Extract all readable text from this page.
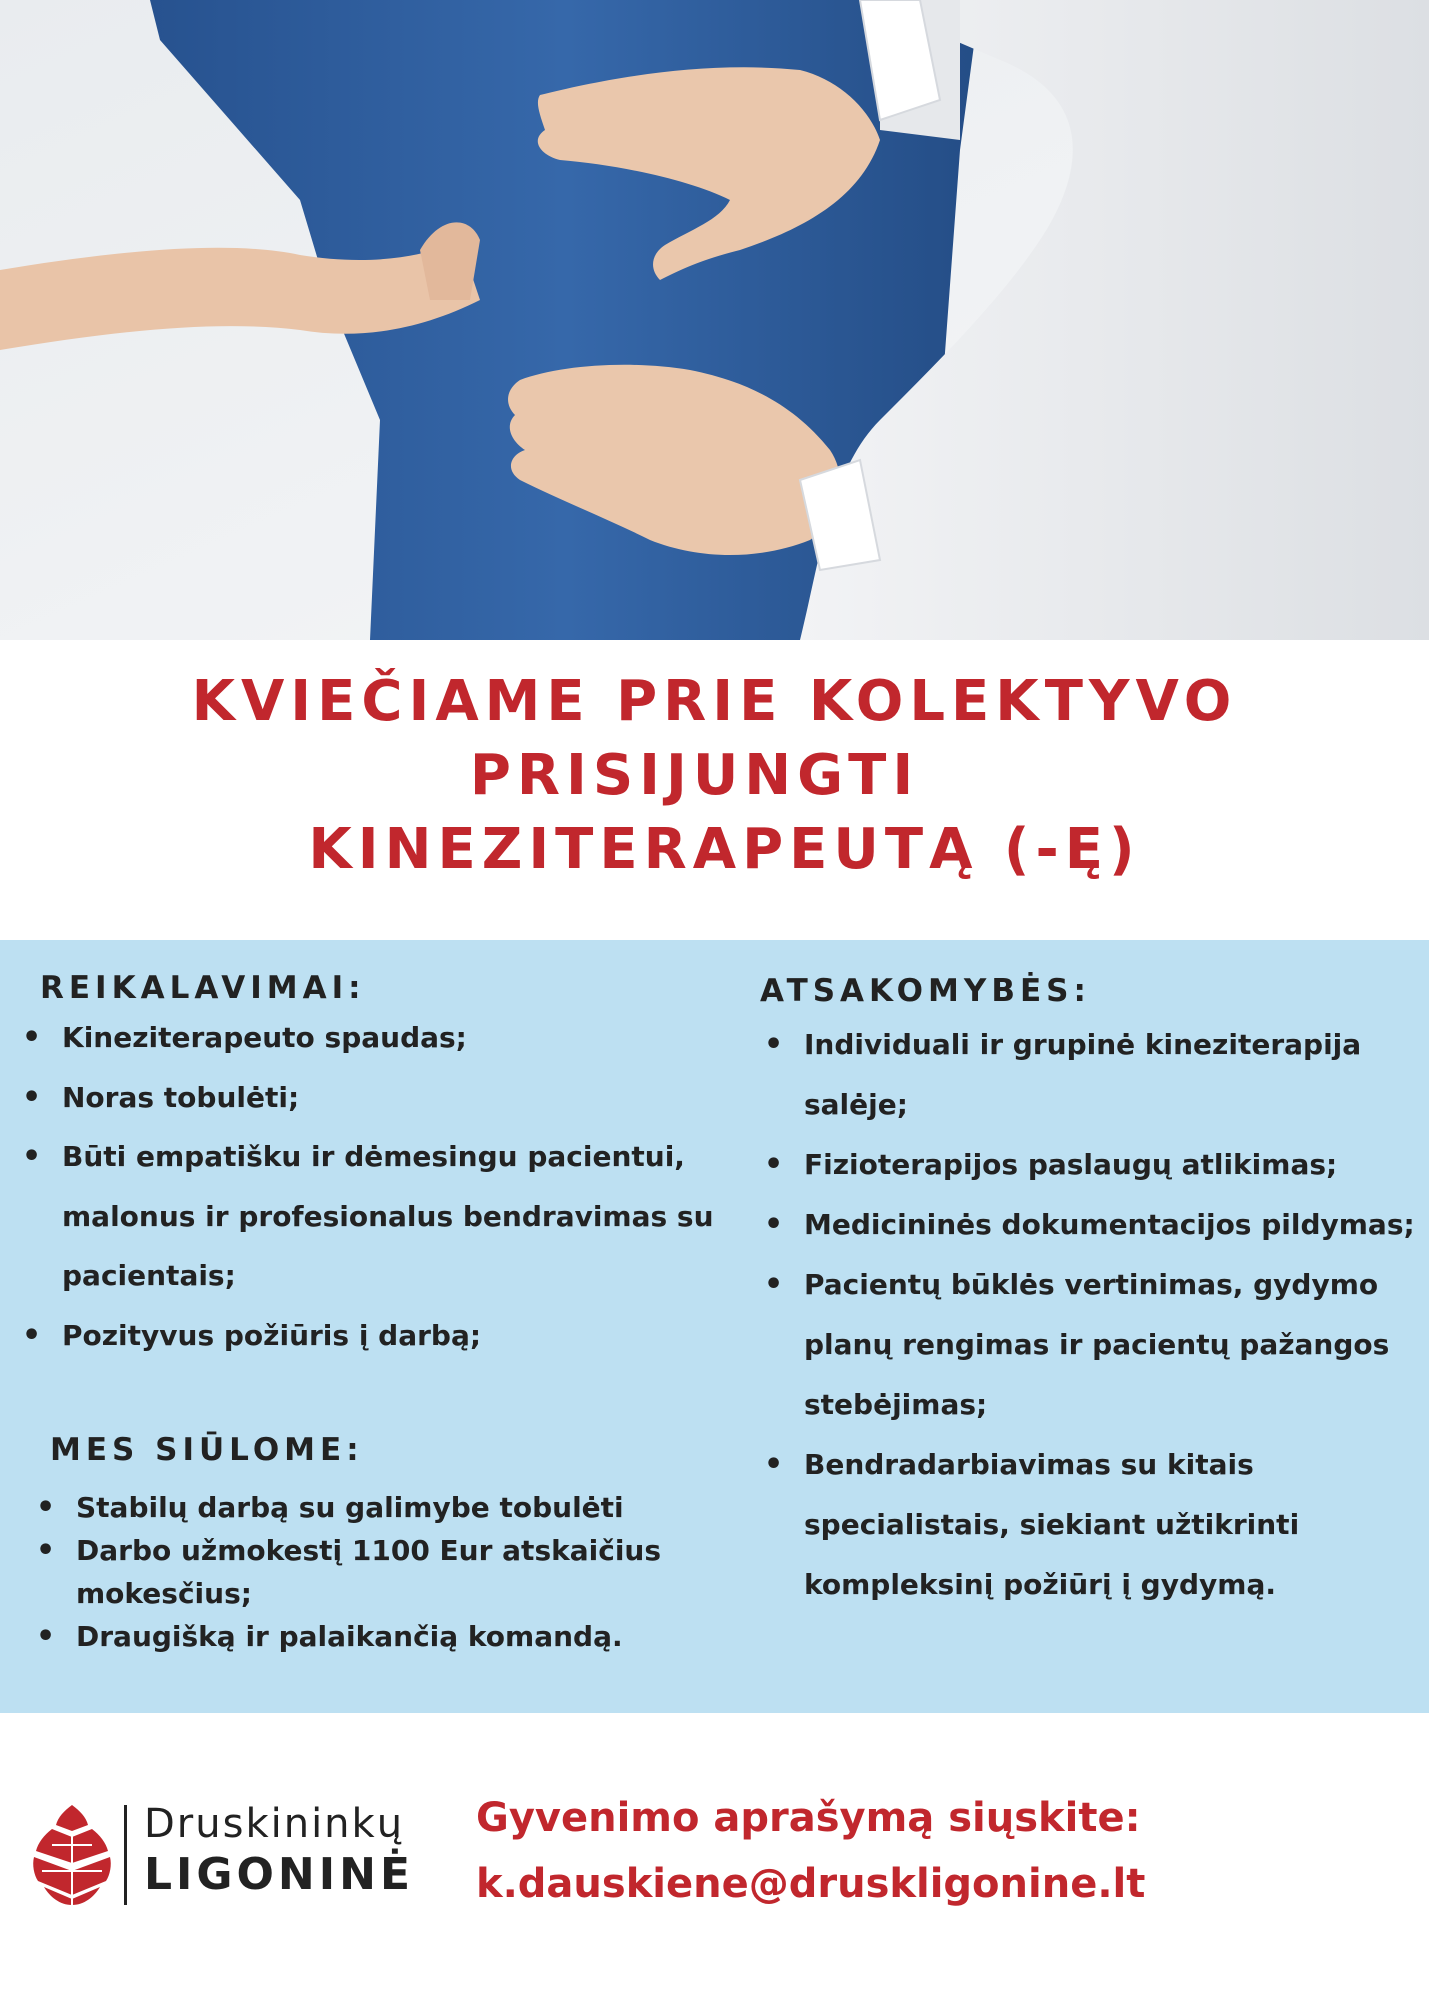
KVIEČIAME PRIE KOLEKTYVO
PRISIJUNGTI
KINEZITERAPEUTĄ (-Ę)
REIKALAVIMAI:
• Kineziterapeuto spaudas;
• Noras tobulėti;
• Būti empatišku ir dėmesingu pacientui, malonus ir profesionalus bendravimas su pacientais;
• Pozityvus požiūris į darbą;
MES SIŪLOME:
• Stabilų darbą su galimybe tobulėti
• Darbo užmokestį 1100 Eur atskaičius mokesčius;
• Draugišką ir palaikančią komandą.
ATSAKOMYBĖS:
• Individuali ir grupinė kineziterapija salėje;
• Fizioterapijos paslaugų atlikimas;
• Medicininės dokumentacijos pildymas;
• Pacientų būklės vertinimas, gydymo planų rengimas ir pacientų pažangos stebėjimas;
• Bendradarbiavimas su kitais specialistais, siekiant užtikrinti kompleksinį požiūrį į gydymą.
Druskininkų
LIGONINĖ
Gyvenimo aprašymą siųskite:
k.dauskiene@druskligonine.lt
